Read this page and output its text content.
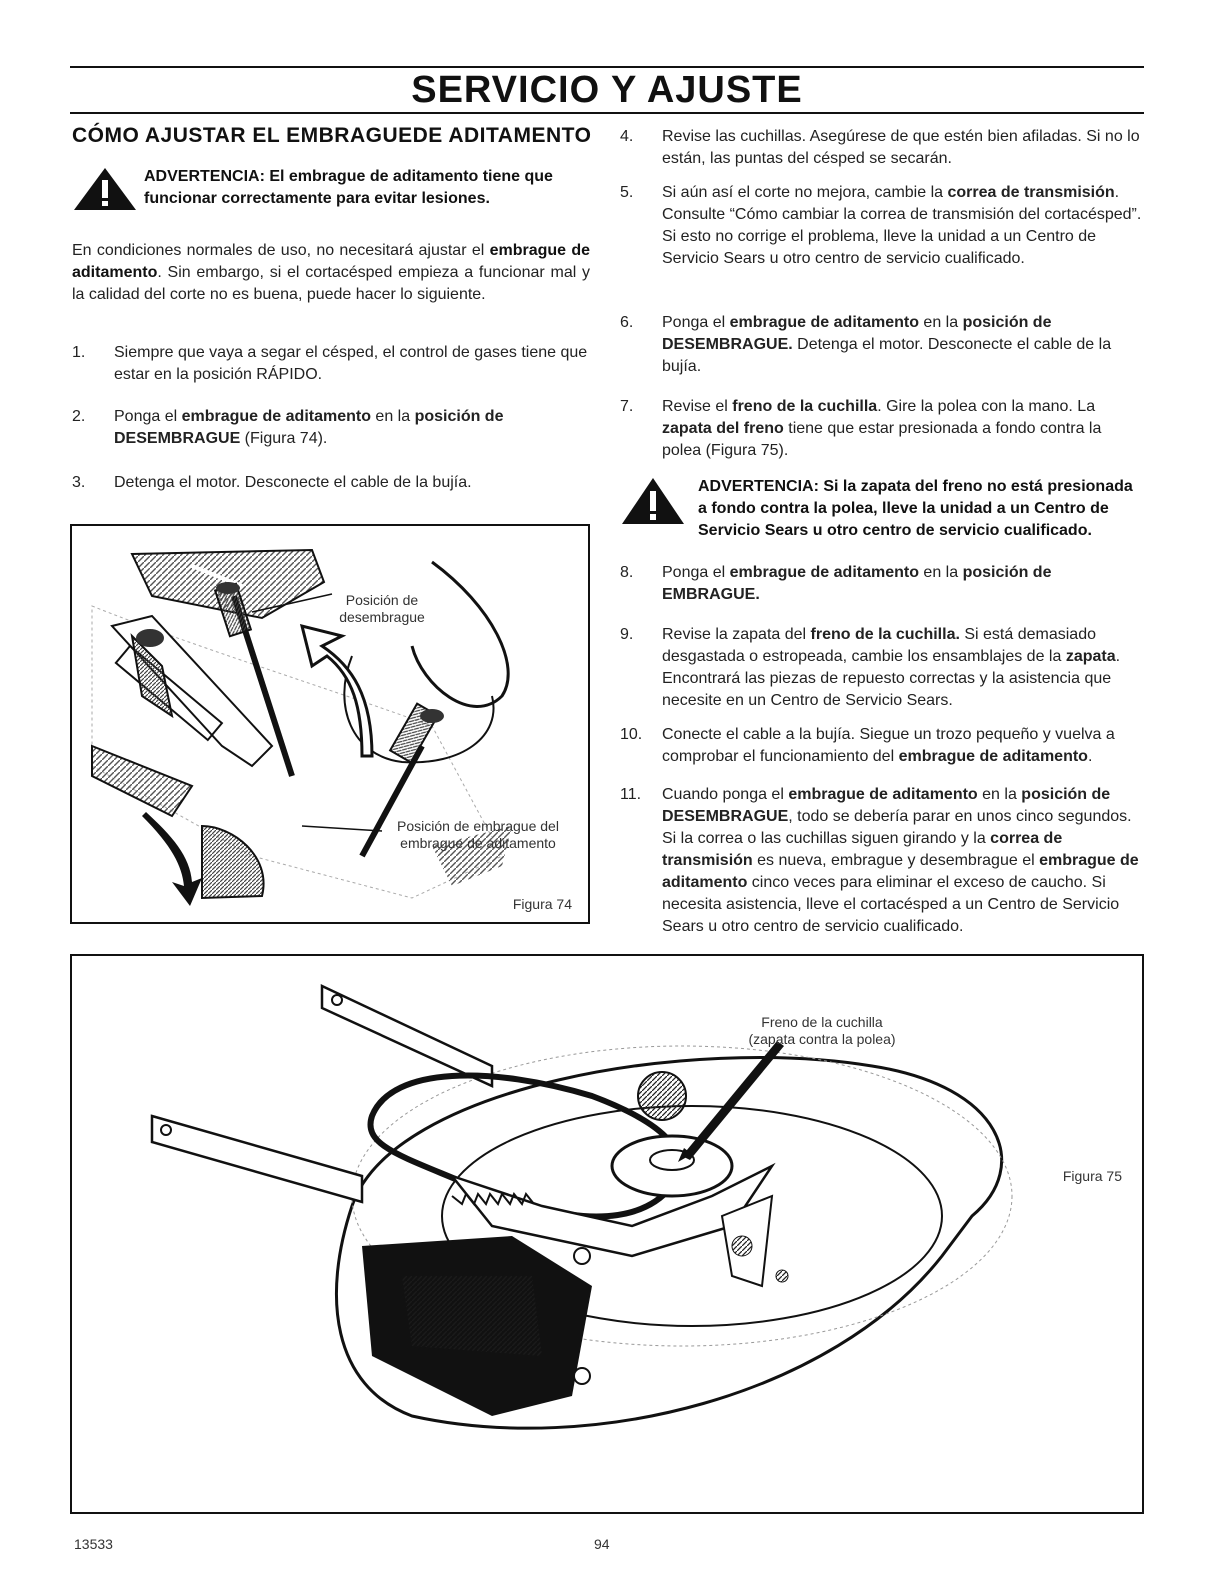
SERVICIO Y AJUSTE
CÓMO AJUSTAR EL EMBRAGUEDE ADITAMENTO
ADVERTENCIA: El embrague de aditamento tiene que funcionar correctamente para evitar lesiones.
En condiciones normales de uso, no necesitará ajustar el embrague de aditamento. Sin embargo, si el cortacésped empieza a funcionar mal y la calidad del corte no es buena, puede hacer lo siguiente.
1.	Siempre que vaya a segar el césped, el control de gases tiene que estar en la posición RÁPIDO.
2.	Ponga el embrague de aditamento en la posición de DESEMBRAGUE (Figura 74).
3.	Detenga el motor. Desconecte el cable de la bujía.
4.	Revise las cuchillas. Asegúrese de que estén bien afiladas. Si no lo están, las puntas del césped se secarán.
5.	Si aún así el corte no mejora, cambie la correa de transmisión. Consulte “Cómo cambiar la correa de transmisión del cortacésped”. Si esto no corrige el problema, lleve la unidad a un Centro de Servicio Sears u otro centro de servicio cualificado.
6.	Ponga el embrague de aditamento en la posición de DESEMBRAGUE. Detenga el motor. Desconecte el cable de la bujía.
7.	Revise el freno de la cuchilla. Gire la polea con la mano. La zapata del freno tiene que estar presionada a fondo contra la polea (Figura 75).
ADVERTENCIA: Si la zapata del freno no está presionada a fondo contra la polea, lleve la unidad a un Centro de Servicio Sears u otro centro de servicio cualificado.
8.	Ponga el embrague de aditamento en la posición de EMBRAGUE.
9.	Revise la zapata del freno de la cuchilla. Si está demasiado desgastada o estropeada, cambie los ensamblajes de la zapata. Encontrará las piezas de repuesto correctas y la asistencia que necesite en un Centro de Servicio Sears.
10.	Conecte el cable a la bujía. Siegue un trozo pequeño y vuelva a comprobar el funcionamiento del embrague de aditamento.
11.	Cuando ponga el embrague de aditamento en la posición de DESEMBRAGUE, todo se debería parar en unos cinco segundos. Si la correa o las cuchillas siguen girando y la correa de transmisión es nueva, embrague y desembrague el embrague de aditamento cinco veces para eliminar el exceso de caucho. Si necesita asistencia, lleve el cortacésped a un Centro de Servicio Sears u otro centro de servicio cualificado.
Posición de
desembrague
Posición de embrague del
embrague de aditamento
Figura 74
Freno de la cuchilla
(zapata contra la polea)
Figura 75
13533	94
